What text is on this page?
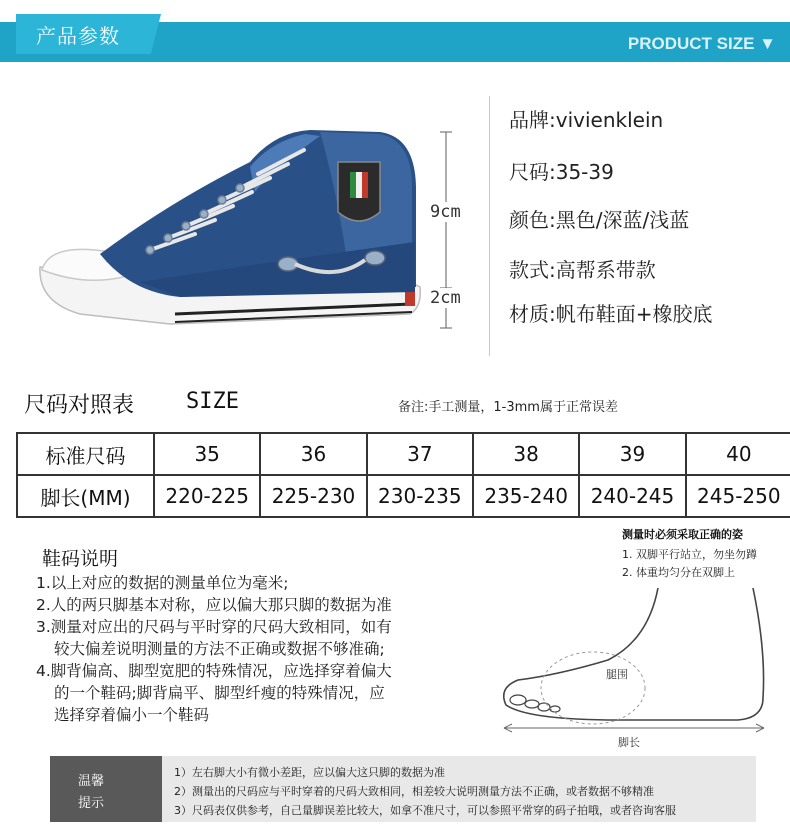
产品参数	PRODUCT SIZE ▼
9cm
2cm
品牌:vivienklein
尺码:35-39
颜色:黑色/深蓝/浅蓝
款式:高帮系带款
材质:帆布鞋面+橡胶底
尺码对照表 SIZE	备注:手工测量，1-3mm属于正常误差
标准尺码	35	36	37	38	39	40
脚长(MM)	220-225	225-230	230-235	235-240	240-245	245-250
鞋码说明
1.以上对应的数据的测量单位为毫米;
2.人的两只脚基本对称，应以偏大那只脚的数据为准
3.测量对应出的尺码与平时穿的尺码大致相同，如有
较大偏差说明测量的方法不正确或数据不够准确;
4.脚背偏高、脚型宽肥的特殊情况，应选择穿着偏大
的一个鞋码;脚背扁平、脚型纤瘦的特殊情况，应
选择穿着偏小一个鞋码
测量时必须采取正确的姿
1. 双脚平行站立，勿坐勿蹲
2. 体重均匀分在双脚上
腿围
脚长
温馨
提示
1）左右脚大小有微小差距，应以偏大这只脚的数据为准
2）测量出的尺码应与平时穿着的尺码大致相同，相差较大说明测量方法不正确，或者数据不够精准
3）尺码表仅供参考，自己量脚误差比较大，如拿不准尺寸，可以参照平常穿的码子拍哦，或者咨询客服
